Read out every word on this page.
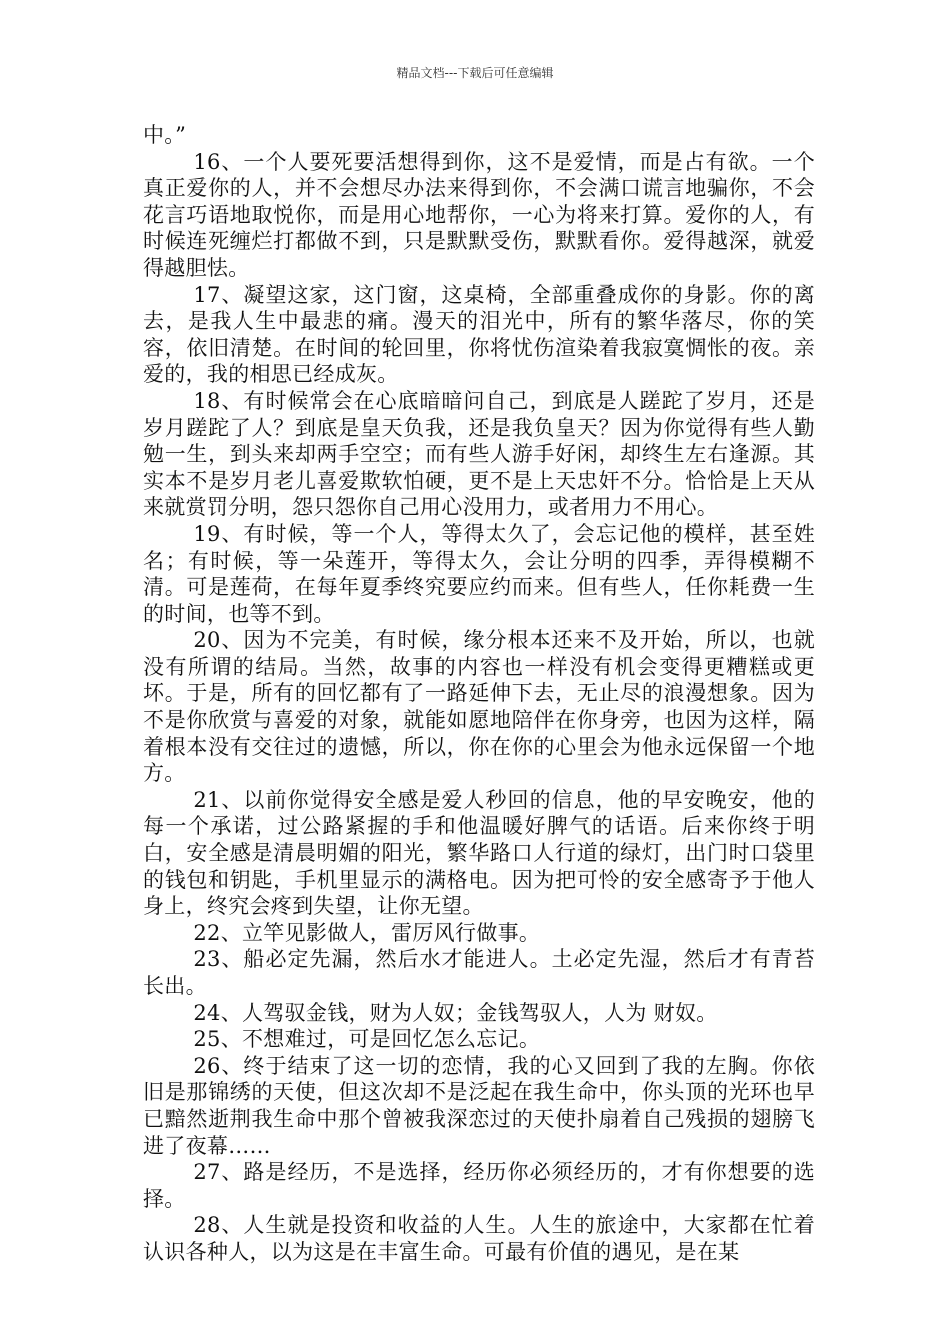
精品文档---下载后可任意编辑

中。”

16、一个人要死要活想得到你，这不是爱情，而是占有欲。一个真正爱你的人，并不会想尽办法来得到你，不会满口谎言地骗你，不会花言巧语地取悦你，而是用心地帮你，一心为将来打算。爱你的人，有时候连死缠烂打都做不到，只是默默受伤，默默看你。爱得越深，就爱得越胆怯。

17、凝望这家，这门窗，这桌椅，全部重叠成你的身影。你的离去，是我人生中最悲的痛。漫天的泪光中，所有的繁华落尽，你的笑容，依旧清楚。在时间的轮回里，你将忧伤渲染着我寂寞惆怅的夜。亲爱的，我的相思已经成灰。

18、有时候常会在心底暗暗问自己，到底是人蹉跎了岁月，还是岁月蹉跎了人？到底是皇天负我，还是我负皇天？因为你觉得有些人勤勉一生，到头来却两手空空；而有些人游手好闲，却终生左右逢源。其实本不是岁月老儿喜爱欺软怕硬，更不是上天忠奸不分。恰恰是上天从来就赏罚分明，怨只怨你自己用心没用力，或者用力不用心。

19、有时候，等一个人，等得太久了，会忘记他的模样，甚至姓名；有时候，等一朵莲开，等得太久，会让分明的四季，弄得模糊不清。可是莲荷，在每年夏季终究要应约而来。但有些人，任你耗费一生的时间，也等不到。

20、因为不完美，有时候，缘分根本还来不及开始，所以，也就没有所谓的结局。当然，故事的内容也一样没有机会变得更糟糕或更坏。于是，所有的回忆都有了一路延伸下去，无止尽的浪漫想象。因为不是你欣赏与喜爱的对象，就能如愿地陪伴在你身旁，也因为这样，隔着根本没有交往过的遗憾，所以，你在你的心里会为他永远保留一个地方。

21、以前你觉得安全感是爱人秒回的信息，他的早安晚安，他的每一个承诺，过公路紧握的手和他温暖好脾气的话语。后来你终于明白，安全感是清晨明媚的阳光，繁华路口人行道的绿灯，出门时口袋里的钱包和钥匙，手机里显示的满格电。因为把可怜的安全感寄予于他人身上，终究会疼到失望，让你无望。

22、立竿见影做人，雷厉风行做事。

23、船必定先漏，然后水才能进人。土必定先湿，然后才有青苔长出。

24、人驾驭金钱，财为人奴；金钱驾驭人，人为 财奴。

25、不想难过，可是回忆怎么忘记。

26、终于结束了这一切的恋情，我的心又回到了我的左胸。你依旧是那锦绣的天使，但这次却不是泛起在我生命中，你头顶的光环也早已黯然逝荆我生命中那个曾被我深恋过的天使扑扇着自己残损的翅膀飞进了夜幕……

27、路是经历，不是选择，经历你必须经历的，才有你想要的选择。

28、人生就是投资和收益的人生。人生的旅途中，大家都在忙着认识各种人，以为这是在丰富生命。可最有价值的遇见，是在某
